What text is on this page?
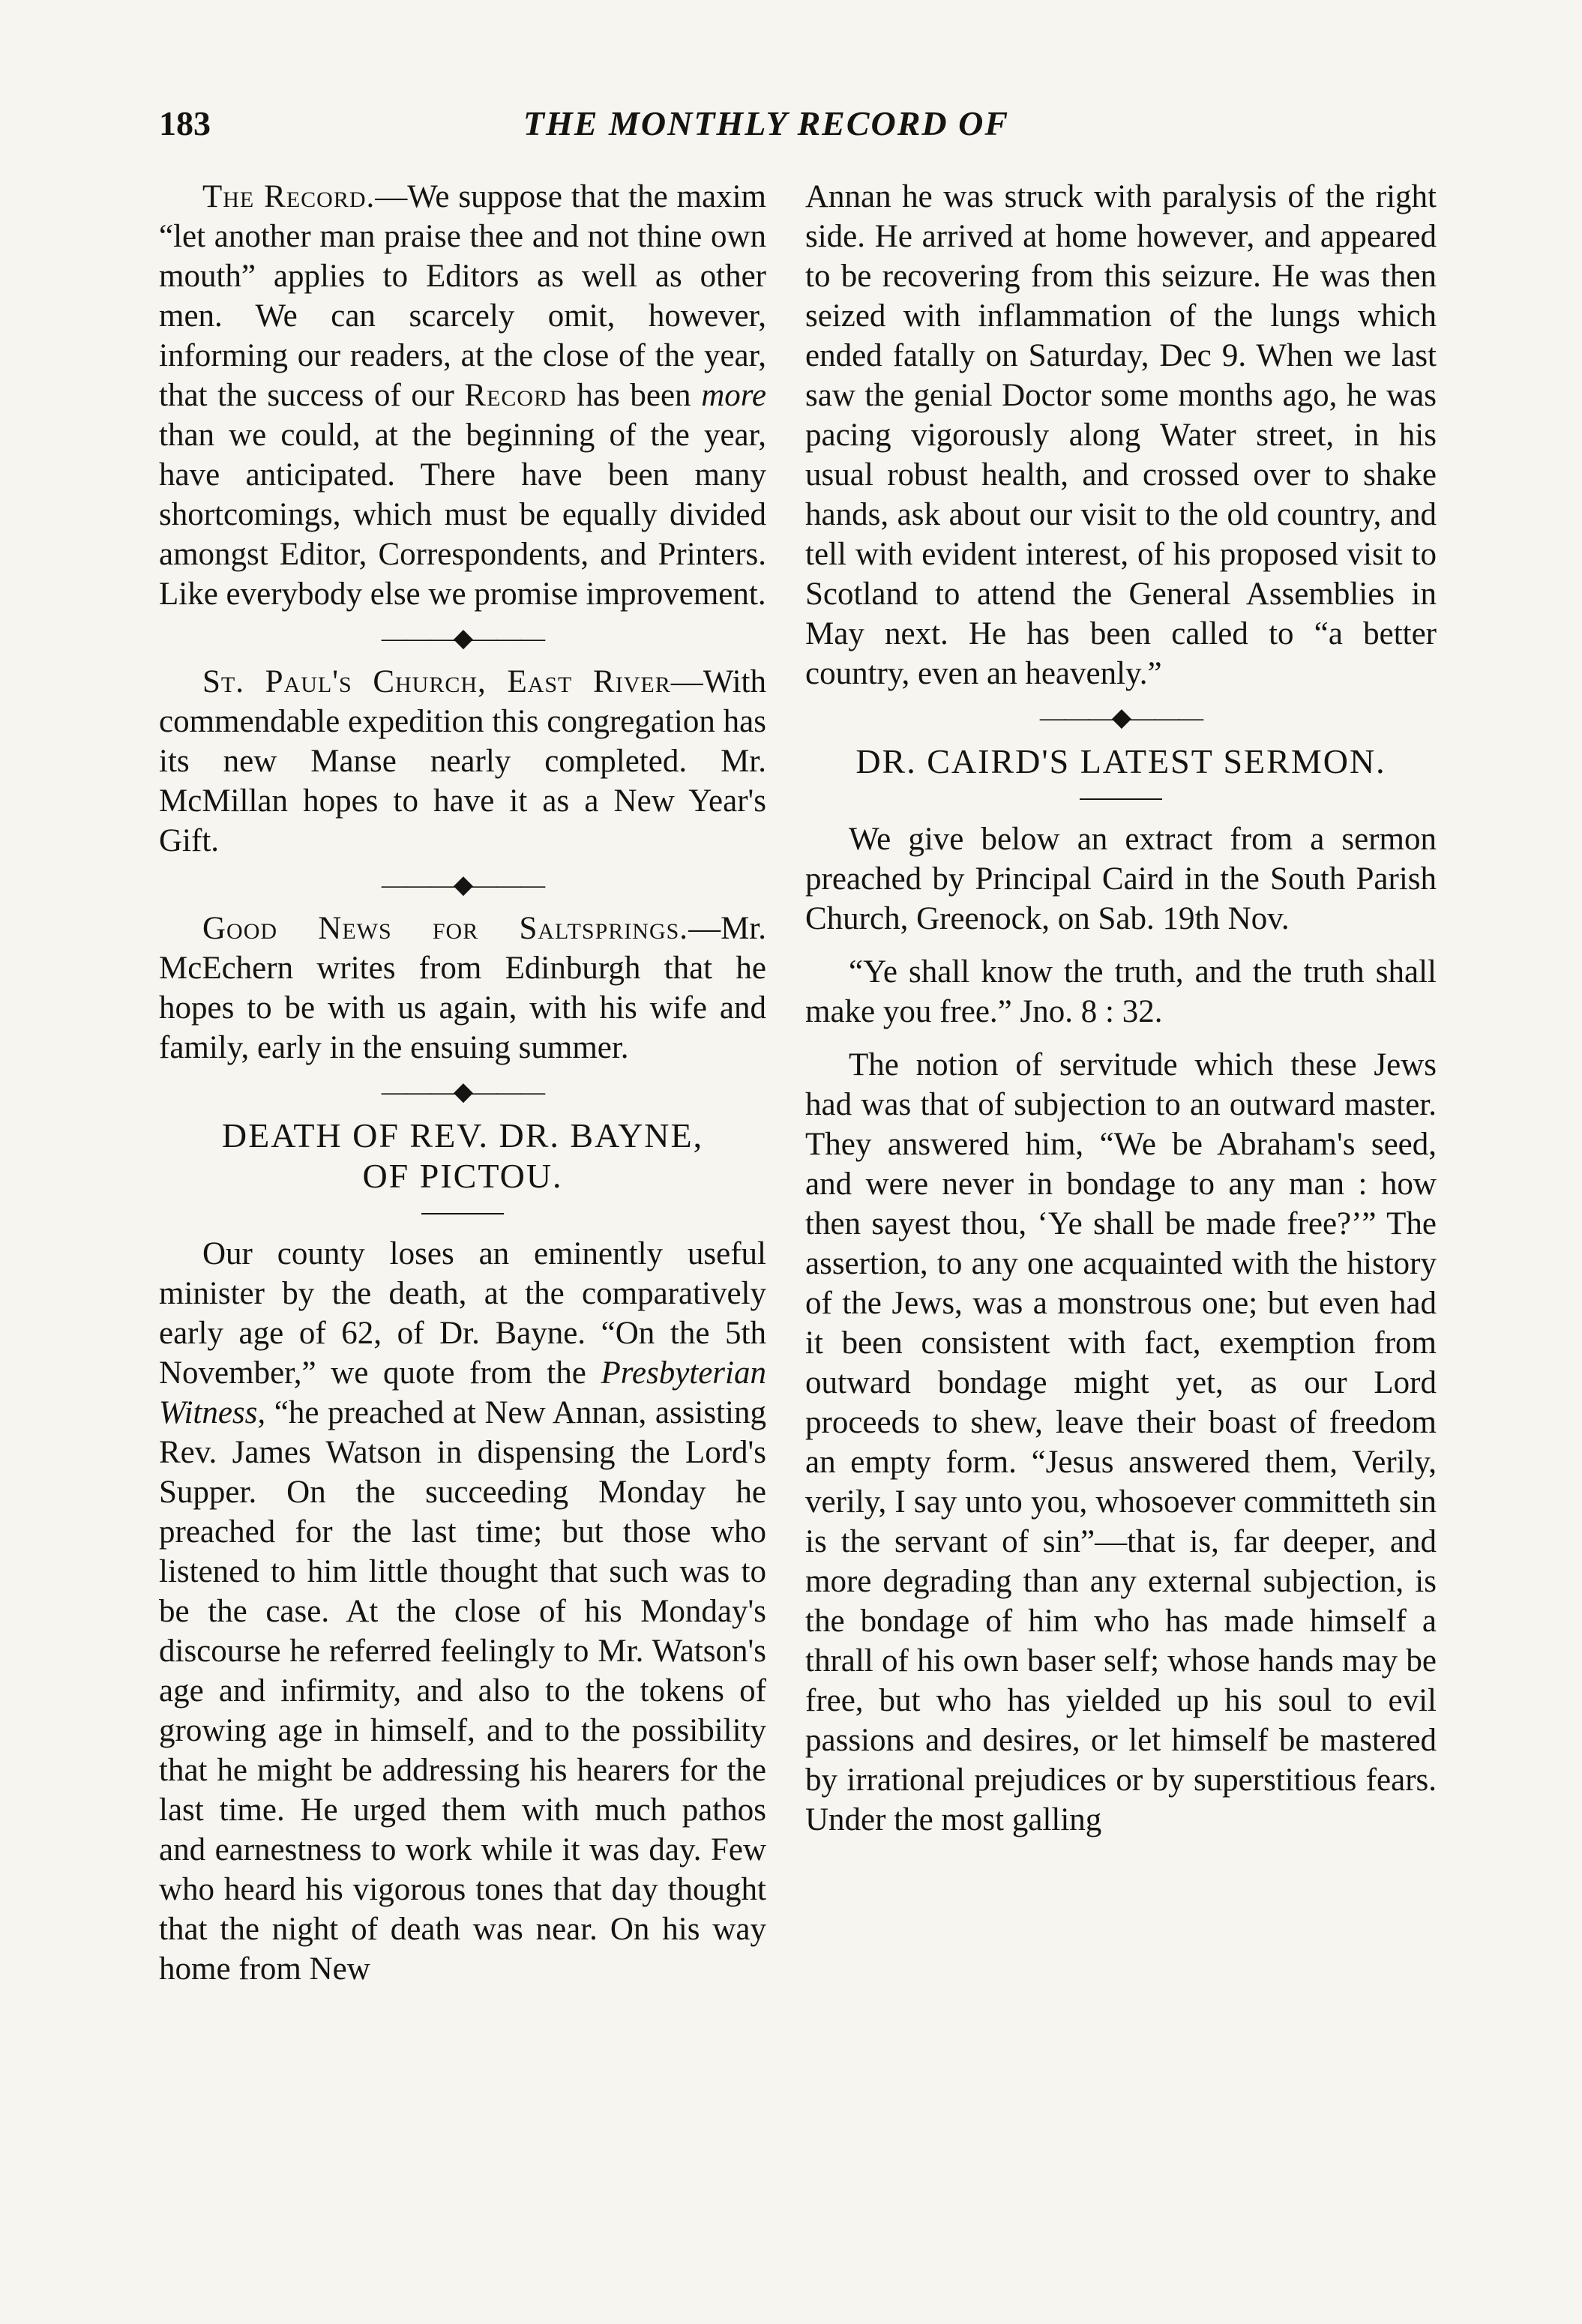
183	THE MONTHLY RECORD OF

The Record.—We suppose that the maxim “let another man praise thee and not thine own mouth” applies to Editors as well as other men. We can scarcely omit, however, informing our readers, at the close of the year, that the success of our Record has been more than we could, at the beginning of the year, have anticipated. There have been many shortcomings, which must be equally divided amongst Editor, Correspondents, and Printers. Like everybody else we promise improvement.

———◆———

St. Paul's Church, East River—With commendable expedition this congregation has its new Manse nearly completed. Mr. McMillan hopes to have it as a New Year's Gift.

———◆———

Good News for Saltsprings.—Mr. McEchern writes from Edinburgh that he hopes to be with us again, with his wife and family, early in the ensuing summer.

———◆———
DEATH OF REV. DR. BAYNE,
OF PICTOU.

Our county loses an eminently useful minister by the death, at the comparatively early age of 62, of Dr. Bayne. “On the 5th November,” we quote from the Presbyterian Witness, “he preached at New Annan, assisting Rev. James Watson in dispensing the Lord's Supper. On the succeeding Monday he preached for the last time; but those who listened to him little thought that such was to be the case. At the close of his Monday's discourse he referred feelingly to Mr. Watson's age and infirmity, and also to the tokens of growing age in himself, and to the possibility that he might be addressing his hearers for the last time. He urged them with much pathos and earnestness to work while it was day. Few who heard his vigorous tones that day thought that the night of death was near. On his way home from New

Annan he was struck with paralysis of the right side. He arrived at home however, and appeared to be recovering from this seizure. He was then seized with inflammation of the lungs which ended fatally on Saturday, Dec 9. When we last saw the genial Doctor some months ago, he was pacing vigorously along Water street, in his usual robust health, and crossed over to shake hands, ask about our visit to the old country, and tell with evident interest, of his proposed visit to Scotland to attend the General Assemblies in May next. He has been called to “a better country, even an heavenly.”

———◆———
DR. CAIRD'S LATEST SERMON.

We give below an extract from a sermon preached by Principal Caird in the South Parish Church, Greenock, on Sab. 19th Nov.

“Ye shall know the truth, and the truth shall make you free.” Jno. 8 : 32.

The notion of servitude which these Jews had was that of subjection to an outward master. They answered him, “We be Abraham's seed, and were never in bondage to any man : how then sayest thou, ‘Ye shall be made free?’” The assertion, to any one acquainted with the history of the Jews, was a monstrous one; but even had it been consistent with fact, exemption from outward bondage might yet, as our Lord proceeds to shew, leave their boast of freedom an empty form. “Jesus answered them, Verily, verily, I say unto you, whosoever committeth sin is the servant of sin”—that is, far deeper, and more degrading than any external subjection, is the bondage of him who has made himself a thrall of his own baser self; whose hands may be free, but who has yielded up his soul to evil passions and desires, or let himself be mastered by irrational prejudices or by superstitious fears. Under the most galling
